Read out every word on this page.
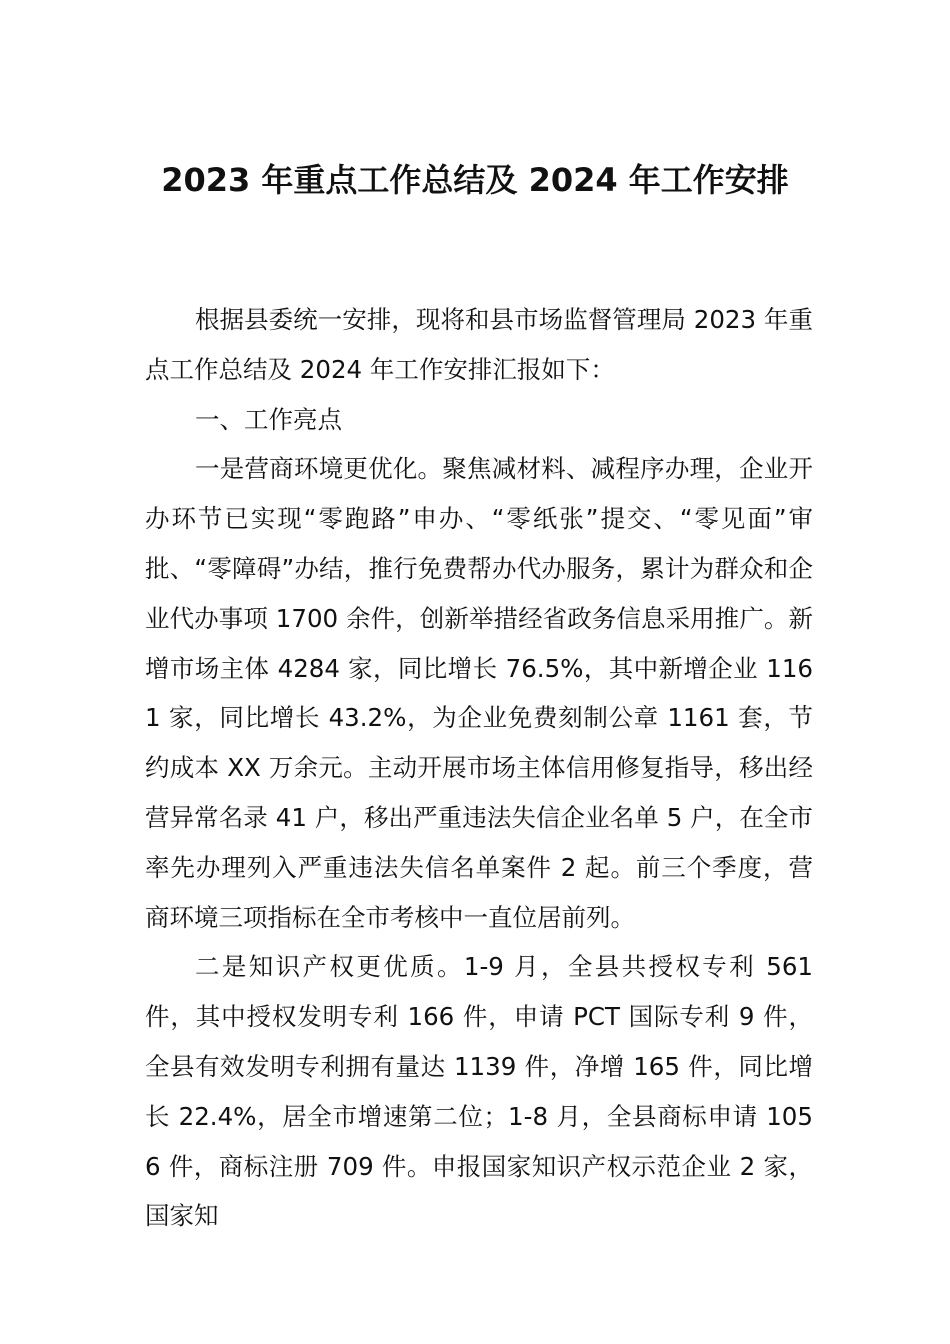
2023 年重点工作总结及 2024 年工作安排

根据县委统一安排，现将和县市场监督管理局 2023 年重点工作总结及 2024 年工作安排汇报如下：

一、工作亮点

一是营商环境更优化。聚焦减材料、减程序办理，企业开办环节已实现“零跑路”申办、“零纸张”提交、“零见面”审批、“零障碍”办结，推行免费帮办代办服务，累计为群众和企业代办事项 1700 余件，创新举措经省政务信息采用推广。新增市场主体 4284 家，同比增长 76.5%，其中新增企业 1161 家，同比增长 43.2%，为企业免费刻制公章 1161 套，节约成本 XX 万余元。主动开展市场主体信用修复指导，移出经营异常名录 41 户，移出严重违法失信企业名单 5 户，在全市率先办理列入严重违法失信名单案件 2 起。前三个季度，营商环境三项指标在全市考核中一直位居前列。

二是知识产权更优质。1-9 月，全县共授权专利 561 件，其中授权发明专利 166 件，申请 PCT 国际专利 9 件，全县有效发明专利拥有量达 1139 件，净增 165 件，同比增长 22.4%，居全市增速第二位；1-8 月，全县商标申请 1056 件，商标注册 709 件。申报国家知识产权示范企业 2 家，国家知
